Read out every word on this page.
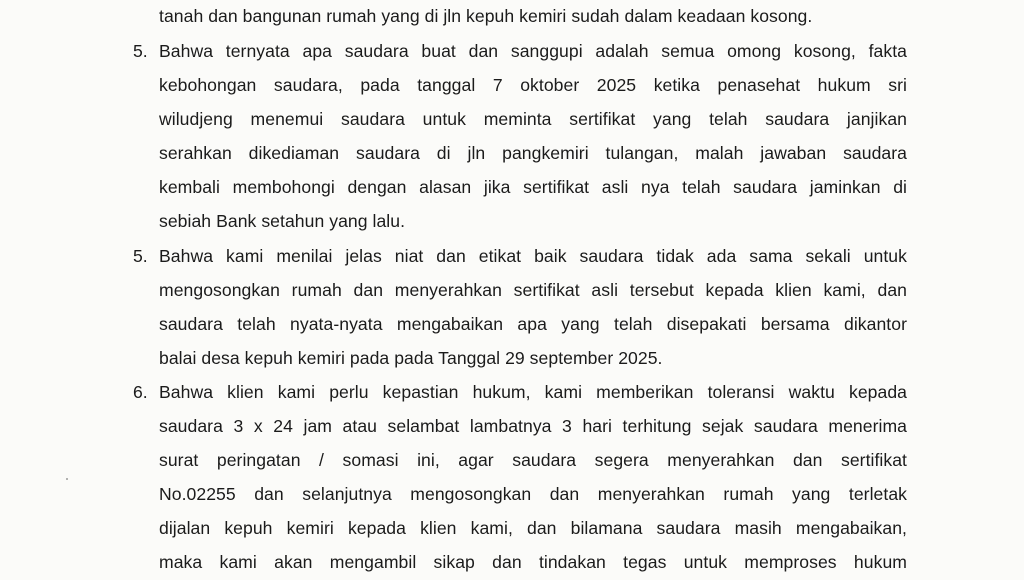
tanah dan bangunan rumah yang di jln kepuh kemiri sudah dalam keadaan kosong.
5. Bahwa ternyata apa saudara buat dan sanggupi adalah semua omong kosong, fakta
kebohongan saudara, pada tanggal 7 oktober 2025 ketika penasehat hukum sri
wiludjeng menemui saudara untuk meminta sertifikat yang telah saudara janjikan
serahkan dikediaman saudara di jln pangkemiri tulangan, malah jawaban saudara
kembali membohongi dengan alasan jika sertifikat asli nya telah saudara jaminkan di
sebiah Bank setahun yang lalu.
5. Bahwa kami menilai jelas niat dan etikat baik saudara tidak ada sama sekali untuk
mengosongkan rumah dan menyerahkan sertifikat asli tersebut kepada klien kami, dan
saudara telah nyata-nyata mengabaikan apa yang telah disepakati bersama dikantor
balai desa kepuh kemiri pada pada Tanggal 29 september 2025.
6. Bahwa klien kami perlu kepastian hukum, kami memberikan toleransi waktu kepada
saudara 3 x 24 jam atau selambat lambatnya 3 hari terhitung sejak saudara menerima
surat peringatan / somasi ini, agar saudara segera menyerahkan dan sertifikat
No.02255 dan selanjutnya mengosongkan dan menyerahkan rumah yang terletak
dijalan kepuh kemiri kepada klien kami, dan bilamana saudara masih mengabaikan,
maka kami akan mengambil sikap dan tindakan tegas untuk memproses hukum
